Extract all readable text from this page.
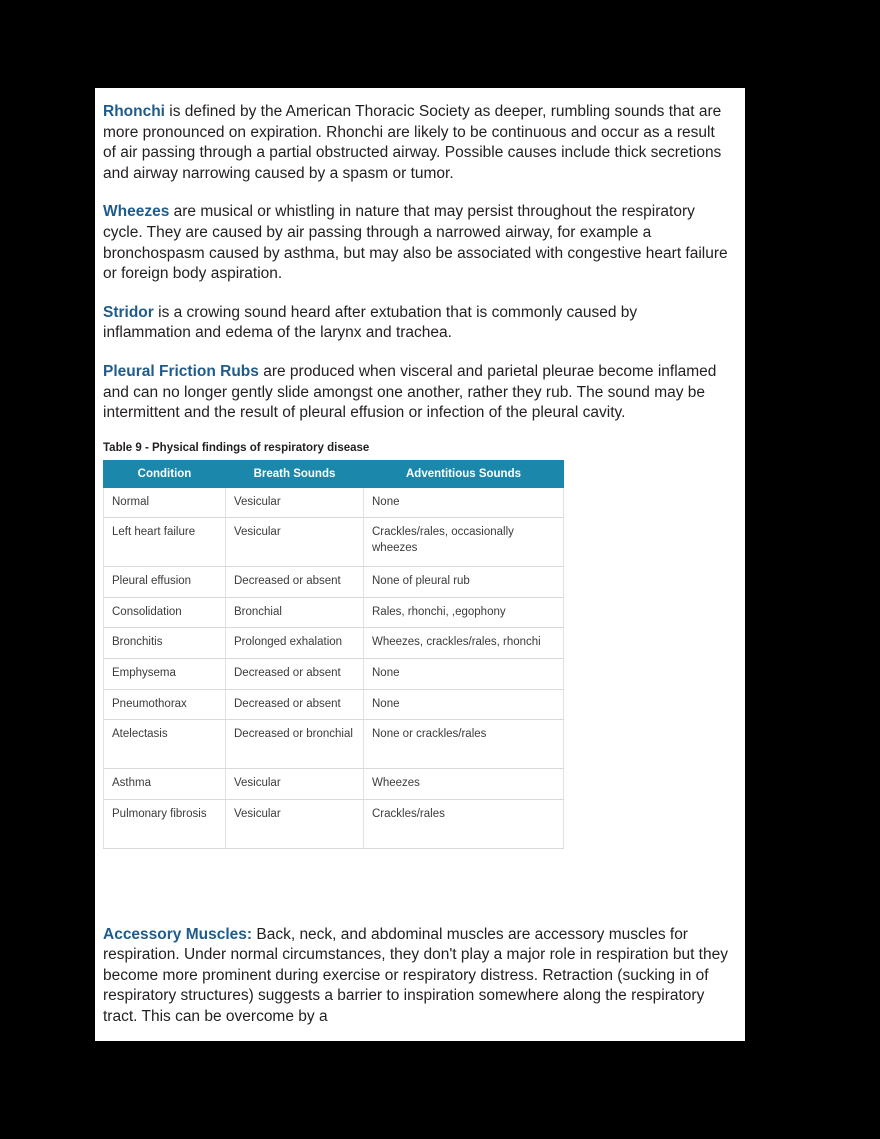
Rhonchi is defined by the American Thoracic Society as deeper, rumbling sounds that are more pronounced on expiration. Rhonchi are likely to be continuous and occur as a result of air passing through a partial obstructed airway. Possible causes include thick secretions and airway narrowing caused by a spasm or tumor.

Wheezes are musical or whistling in nature that may persist throughout the respiratory cycle. They are caused by air passing through a narrowed airway, for example a bronchospasm caused by asthma, but may also be associated with congestive heart failure or foreign body aspiration.

Stridor is a crowing sound heard after extubation that is commonly caused by inflammation and edema of the larynx and trachea.

Pleural Friction Rubs are produced when visceral and parietal pleurae become inflamed and can no longer gently slide amongst one another, rather they rub. The sound may be intermittent and the result of pleural effusion or infection of the pleural cavity.

Table 9 - Physical findings of respiratory disease
Condition	Breath Sounds	Adventitious Sounds
Normal	Vesicular	None
Left heart failure	Vesicular	Crackles/rales, occasionally wheezes
Pleural effusion	Decreased or absent	None of pleural rub
Consolidation	Bronchial	Rales, rhonchi, ,egophony
Bronchitis	Prolonged exhalation	Wheezes, crackles/rales, rhonchi
Emphysema	Decreased or absent	None
Pneumothorax	Decreased or absent	None
Atelectasis	Decreased or bronchial	None or crackles/rales
Asthma	Vesicular	Wheezes
Pulmonary fibrosis	Vesicular	Crackles/rales

Accessory Muscles: Back, neck, and abdominal muscles are accessory muscles for respiration. Under normal circumstances, they don't play a major role in respiration but they become more prominent during exercise or respiratory distress. Retraction (sucking in of respiratory structures) suggests a barrier to inspiration somewhere along the respiratory tract. This can be overcome by a
